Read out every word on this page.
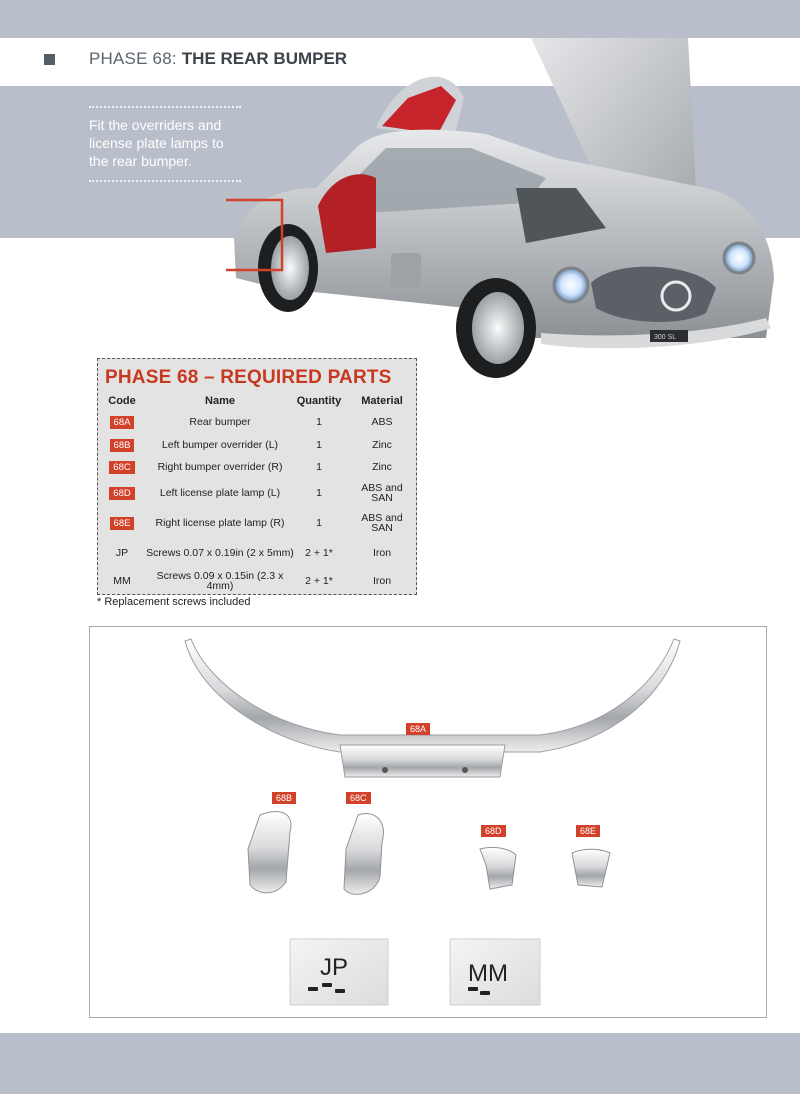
PHASE 68: THE REAR BUMPER
Fit the overriders and license plate lamps to the rear bumper.
300 SL
PHASE 68 – REQUIRED PARTS
Code	Name	Quantity	Material
68A	Rear bumper	1	ABS
68B	Left bumper overrider (L)	1	Zinc
68C	Right bumper overrider (R)	1	Zinc
68D	Left license plate lamp (L)	1	ABS and SAN
68E	Right license plate lamp (R)	1	ABS and SAN
JP	Screws 0.07 x 0.19in (2 x 5mm)	2 + 1*	Iron
MM	Screws 0.09 x 0.15in (2.3 x 4mm)	2 + 1*	Iron
* Replacement screws included
JP	MM
68A
68B	68C
68D	68E
